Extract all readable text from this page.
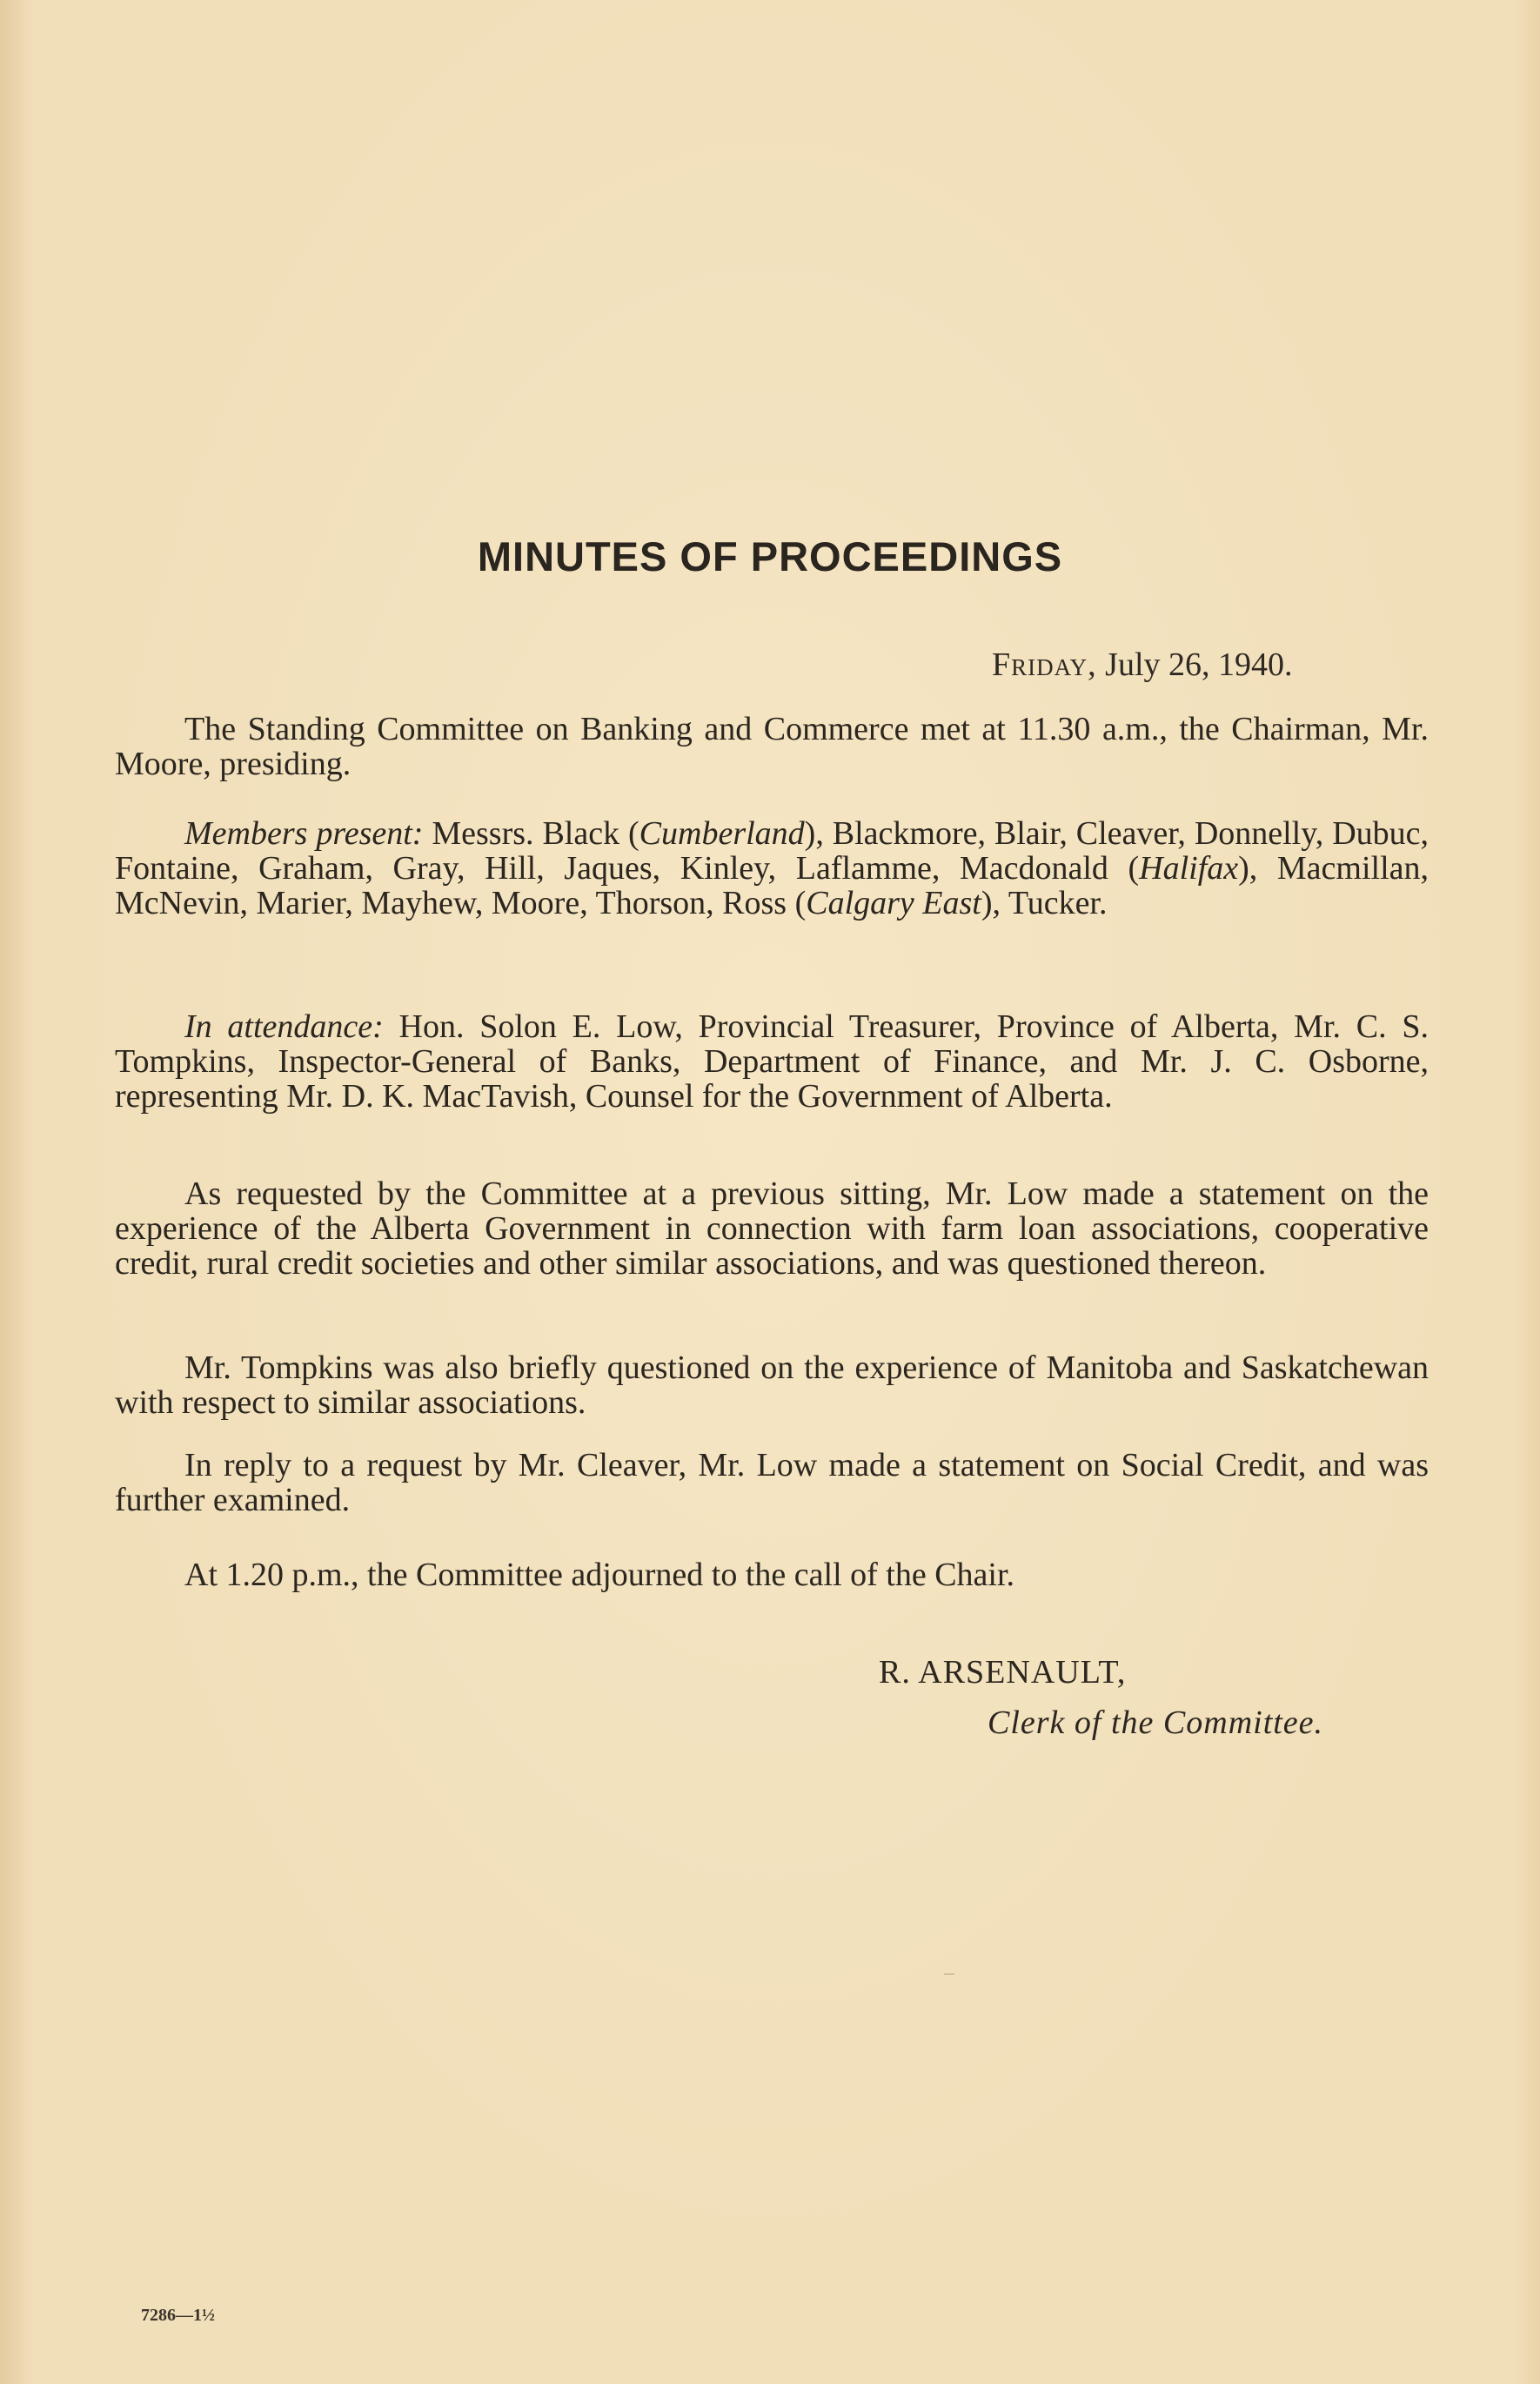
MINUTES OF PROCEEDINGS
Friday, July 26, 1940.

The Standing Committee on Banking and Commerce met at 11.30 a.m., the Chairman, Mr. Moore, presiding.

Members present: Messrs. Black (Cumberland), Blackmore, Blair, Cleaver, Donnelly, Dubuc, Fontaine, Graham, Gray, Hill, Jaques, Kinley, Laflamme, Macdonald (Halifax), Macmillan, McNevin, Marier, Mayhew, Moore, Thorson, Ross (Calgary East), Tucker.

In attendance: Hon. Solon E. Low, Provincial Treasurer, Province of Alberta, Mr. C. S. Tompkins, Inspector-General of Banks, Department of Finance, and Mr. J. C. Osborne, representing Mr. D. K. MacTavish, Counsel for the Government of Alberta.

As requested by the Committee at a previous sitting, Mr. Low made a statement on the experience of the Alberta Government in connection with farm loan associations, cooperative credit, rural credit societies and other similar associations, and was questioned thereon.

Mr. Tompkins was also briefly questioned on the experience of Manitoba and Saskatchewan with respect to similar associations.

In reply to a request by Mr. Cleaver, Mr. Low made a statement on Social Credit, and was further examined.

At 1.20 p.m., the Committee adjourned to the call of the Chair.

R. ARSENAULT,
Clerk of the Committee.
7286—1½
